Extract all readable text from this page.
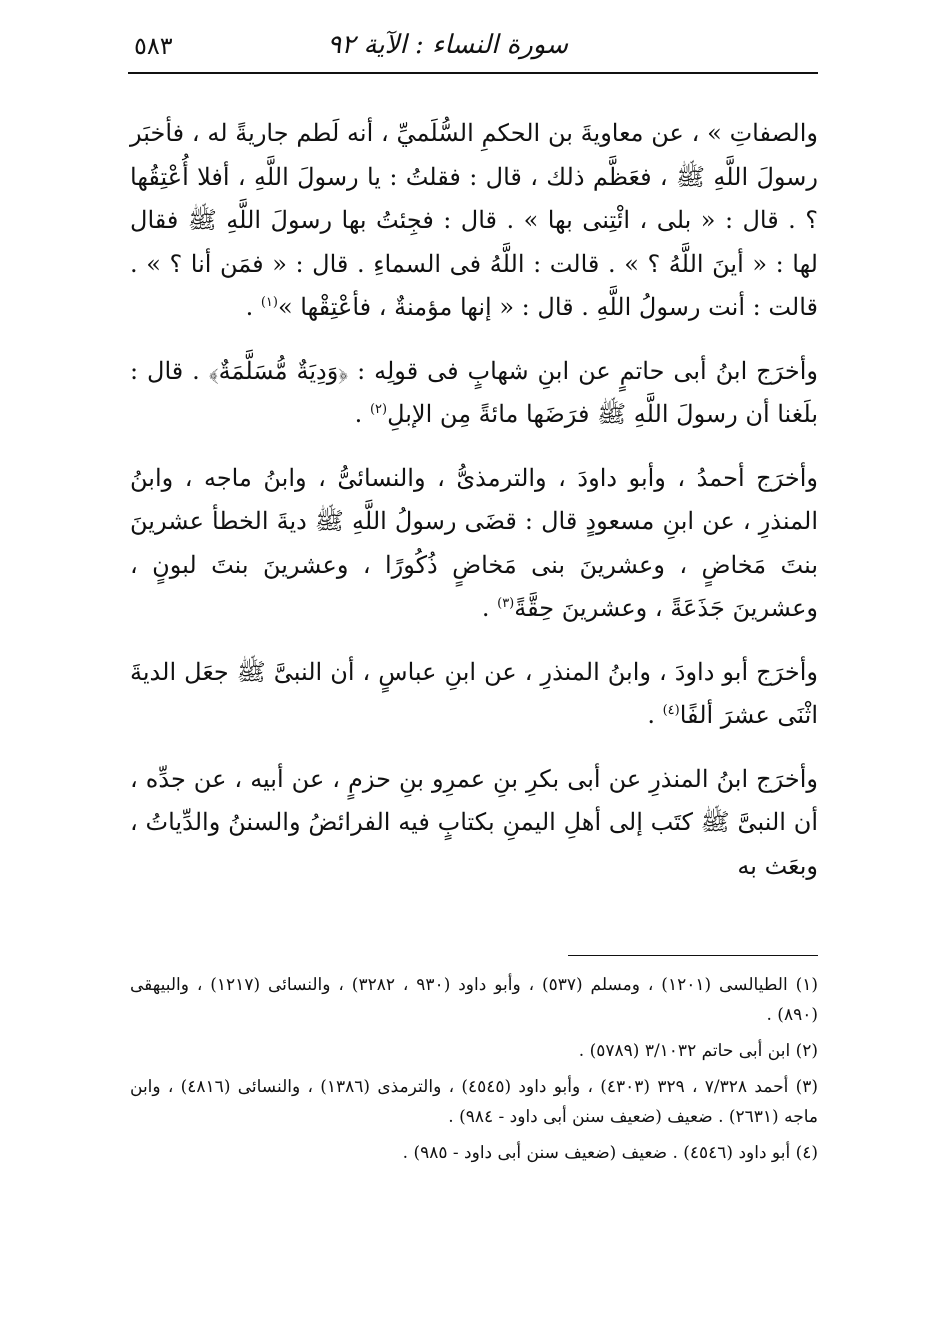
سورة النساء : الآية ٩٢
٥٨٣

والصفاتِ » ، عن معاويةَ بن الحكمِ السُّلَميِّ ، أنه لَطم جاريةً له ، فأخبَر رسولَ اللَّهِ ﷺ ، فعَظَّم ذلك ، قال : فقلتُ : يا رسولَ اللَّهِ ، أفلا أُعْتِقُها ؟ . قال : « بلى ، ائْتِنى بها » . قال : فجِئتُ بها رسولَ اللَّهِ ﷺ فقال لها : « أينَ اللَّهُ ؟ » . قالت : اللَّهُ فى السماءِ . قال : « فمَن أنا ؟ » . قالت : أنت رسولُ اللَّهِ . قال : « إنها مؤمنةٌ ، فأعْتِقْها »$^{(١)}$ .

وأخرَج ابنُ أبى حاتمٍ عن ابنِ شهابٍ فى قولِه : ﴿وَدِيَةٌ مُّسَلَّمَةٌ﴾ . قال : بلَغنا أن رسولَ اللَّهِ ﷺ فرَضَها مائةً مِن الإبلِ$^{(٢)}$ .

وأخرَج أحمدُ ، وأبو داودَ ، والترمذىُّ ، والنسائىُّ ، وابنُ ماجه ، وابنُ المنذرِ ، عن ابنِ مسعودٍ قال : قضَى رسولُ اللَّهِ ﷺ ديةَ الخطأ عشرينَ بنتَ مَخاضٍ ، وعشرينَ بنى مَخاضٍ ذُكُورًا ، وعشرينَ بنتَ لبونٍ ، وعشرينَ جَذَعَةً ، وعشرينَ حِقَّةً$^{(٣)}$ .

وأخرَج أبو داودَ ، وابنُ المنذرِ ، عن ابنِ عباسٍ ، أن النبىَّ ﷺ جعَل الديةَ اثْنَى عشرَ ألفًا$^{(٤)}$ .

وأخرَج ابنُ المنذرِ عن أبى بكرِ بنِ عمرِو بنِ حزمٍ ، عن أبيه ، عن جدِّه ، أن النبىَّ ﷺ كتَب إلى أهلِ اليمنِ بكتابٍ فيه الفرائضُ والسننُ والدِّياتُ ، وبعَث به

(١) الطيالسى (١٢٠١) ، ومسلم (٥٣٧) ، وأبو داود (٩٣٠ ، ٣٢٨٢) ، والنسائى (١٢١٧) ، والبيهقى (٨٩٠) .

(٢) ابن أبى حاتم ٣/١٠٣٢ (٥٧٨٩) .

(٣) أحمد ٧/٣٢٨ ، ٣٢٩ (٤٣٠٣) ، وأبو داود (٤٥٤٥) ، والترمذى (١٣٨٦) ، والنسائى (٤٨١٦) ، وابن ماجه (٢٦٣١) . ضعيف (ضعيف سنن أبى داود - ٩٨٤) .

(٤) أبو داود (٤٥٤٦) . ضعيف (ضعيف سنن أبى داود - ٩٨٥) .
